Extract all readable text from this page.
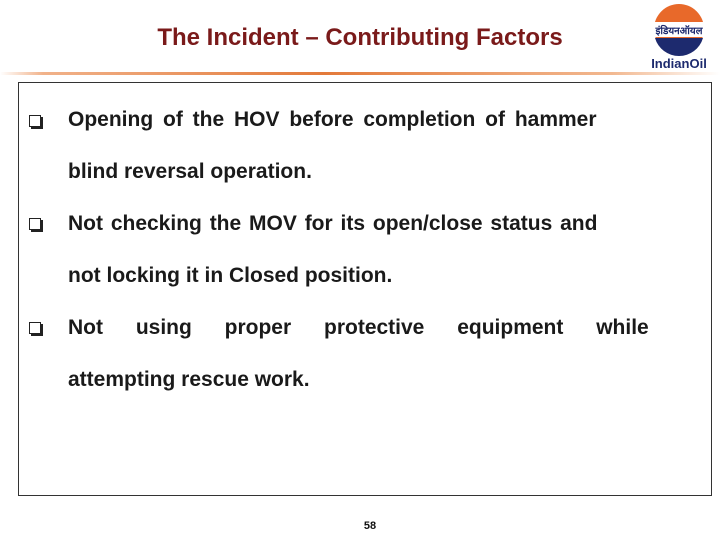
The Incident – Contributing Factors	इंडियनऑयल
IndianOil
Opening of the HOV before completion of hammer
blind reversal operation.
Not checking the MOV for its open/close status and
not locking it in Closed position.
Not using proper protective equipment while
attempting rescue work.
58
